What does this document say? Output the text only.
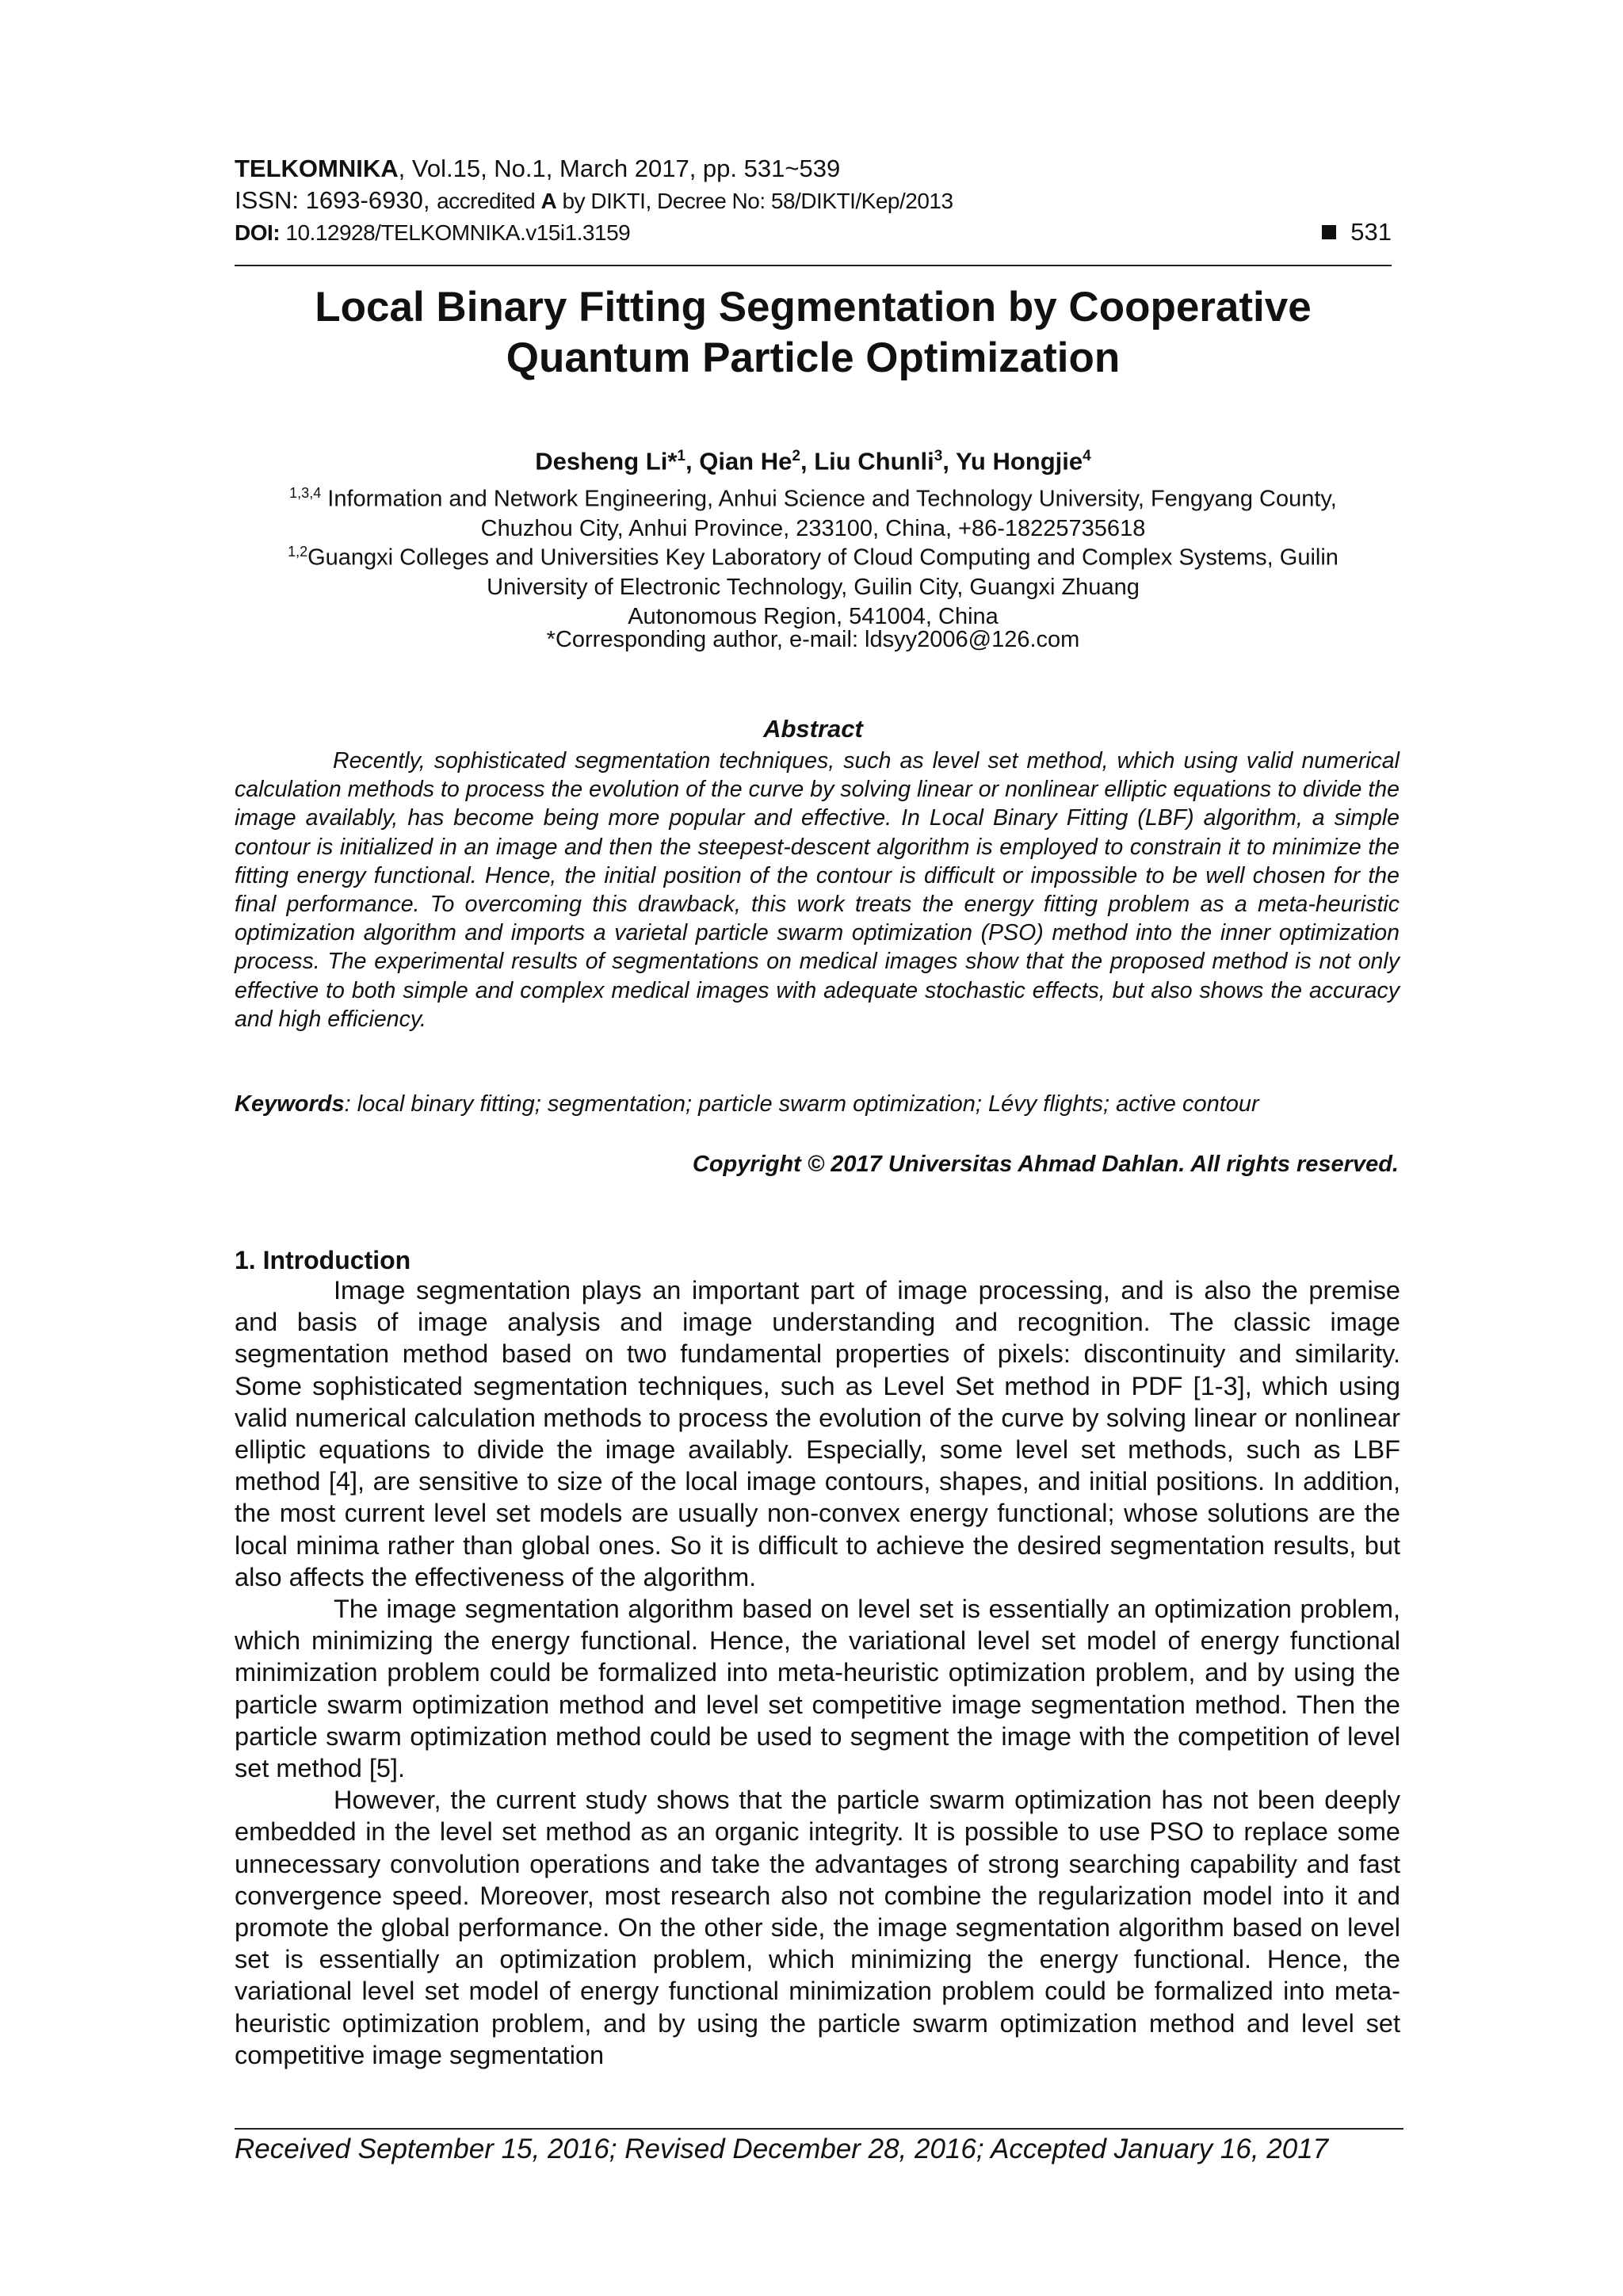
TELKOMNIKA, Vol.15, No.1, March 2017, pp. 531~539
ISSN: 1693-6930, accredited A by DIKTI, Decree No: 58/DIKTI/Kep/2013
DOI: 10.12928/TELKOMNIKA.v15i1.3159	531
Local Binary Fitting Segmentation by Cooperative
Quantum Particle Optimization
Desheng Li*$^1$, Qian He$^2$, Liu Chunli$^3$, Yu Hongjie$^4$
$^{1,3,4}$ Information and Network Engineering, Anhui Science and Technology University, Fengyang County,
Chuzhou City, Anhui Province, 233100, China, +86-18225735618
$^{1,2}$Guangxi Colleges and Universities Key Laboratory of Cloud Computing and Complex Systems, Guilin
University of Electronic Technology, Guilin City, Guangxi Zhuang
Autonomous Region, 541004, China
*Corresponding author, e-mail: ldsyy2006@126.com
Abstract
Recently, sophisticated segmentation techniques, such as level set method, which using valid numerical calculation methods to process the evolution of the curve by solving linear or nonlinear elliptic equations to divide the image availably, has become being more popular and effective. In Local Binary Fitting (LBF) algorithm, a simple contour is initialized in an image and then the steepest-descent algorithm is employed to constrain it to minimize the fitting energy functional. Hence, the initial position of the contour is difficult or impossible to be well chosen for the final performance. To overcoming this drawback, this work treats the energy fitting problem as a meta-heuristic optimization algorithm and imports a varietal particle swarm optimization (PSO) method into the inner optimization process. The experimental results of segmentations on medical images show that the proposed method is not only effective to both simple and complex medical images with adequate stochastic effects, but also shows the accuracy and high efficiency.
Keywords: local binary fitting; segmentation; particle swarm optimization; Lévy flights; active contour
Copyright © 2017 Universitas Ahmad Dahlan. All rights reserved.
1. Introduction

Image segmentation plays an important part of image processing, and is also the premise and basis of image analysis and image understanding and recognition. The classic image segmentation method based on two fundamental properties of pixels: discontinuity and similarity. Some sophisticated segmentation techniques, such as Level Set method in PDF [1-3], which using valid numerical calculation methods to process the evolution of the curve by solving linear or nonlinear elliptic equations to divide the image availably. Especially, some level set methods, such as LBF method [4], are sensitive to size of the local image contours, shapes, and initial positions. In addition, the most current level set models are usually non-convex energy functional; whose solutions are the local minima rather than global ones. So it is difficult to achieve the desired segmentation results, but also affects the effectiveness of the algorithm.

The image segmentation algorithm based on level set is essentially an optimization problem, which minimizing the energy functional. Hence, the variational level set model of energy functional minimization problem could be formalized into meta-heuristic optimization problem, and by using the particle swarm optimization method and level set competitive image segmentation method. Then the particle swarm optimization method could be used to segment the image with the competition of level set method [5].

However, the current study shows that the particle swarm optimization has not been deeply embedded in the level set method as an organic integrity. It is possible to use PSO to replace some unnecessary convolution operations and take the advantages of strong searching capability and fast convergence speed. Moreover, most research also not combine the regularization model into it and promote the global performance. On the other side, the image segmentation algorithm based on level set is essentially an optimization problem, which minimizing the energy functional. Hence, the variational level set model of energy functional minimization problem could be formalized into meta-heuristic optimization problem, and by using the particle swarm optimization method and level set competitive image segmentation

Received September 15, 2016; Revised December 28, 2016; Accepted January 16, 2017
